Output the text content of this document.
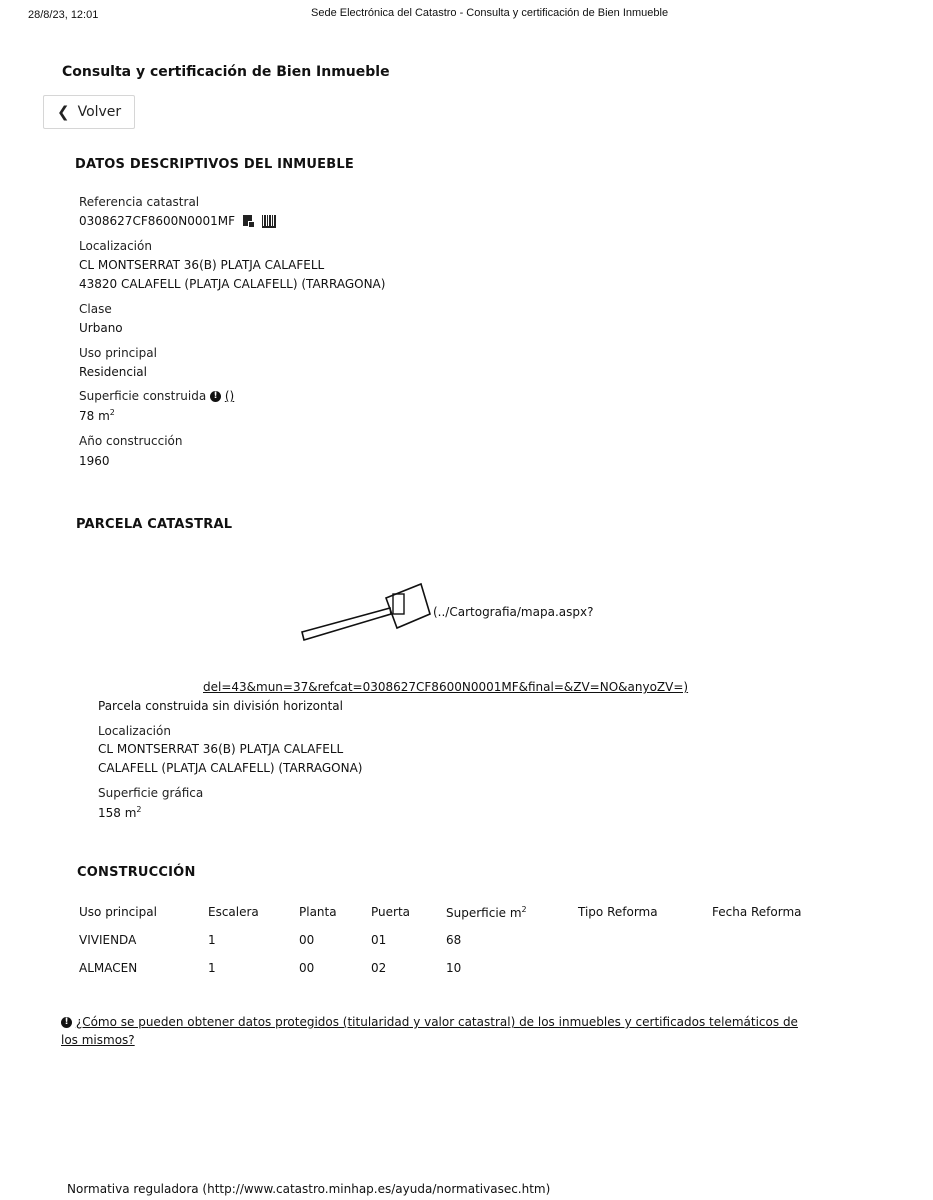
28/8/23, 12:01	Sede Electrónica del Catastro - Consulta y certificación de Bien Inmueble
Consulta y certificación de Bien Inmueble
❮ Volver
DATOS DESCRIPTIVOS DEL INMUEBLE
Referencia catastral
0308627CF8600N0001MF
Localización
CL MONTSERRAT 36(B) PLATJA CALAFELL
43820 CALAFELL (PLATJA CALAFELL) (TARRAGONA)
Clase
Urbano
Uso principal
Residencial
Superficie construida ! ()
78 $m^2$
Año construcción
1960
PARCELA CATASTRAL
(../Cartografia/mapa.aspx?
del=43&mun=37&refcat=0308627CF8600N0001MF&final=&ZV=NO&anyoZV=)
Parcela construida sin división horizontal
Localización
CL MONTSERRAT 36(B) PLATJA CALAFELL
CALAFELL (PLATJA CALAFELL) (TARRAGONA)
Superficie gráfica
158 $m^2$
CONSTRUCCIÓN
Uso principal	Escalera	Planta	Puerta	Superficie $m^2$	Tipo Reforma	Fecha Reforma
VIVIENDA	1	00	01	68		
ALMACEN	1	00	02	10		
! ¿Cómo se pueden obtener datos protegidos (titularidad y valor catastral) de los inmuebles y certificados telemáticos de
los mismos?
Normativa reguladora (http://www.catastro.minhap.es/ayuda/normativasec.htm)
